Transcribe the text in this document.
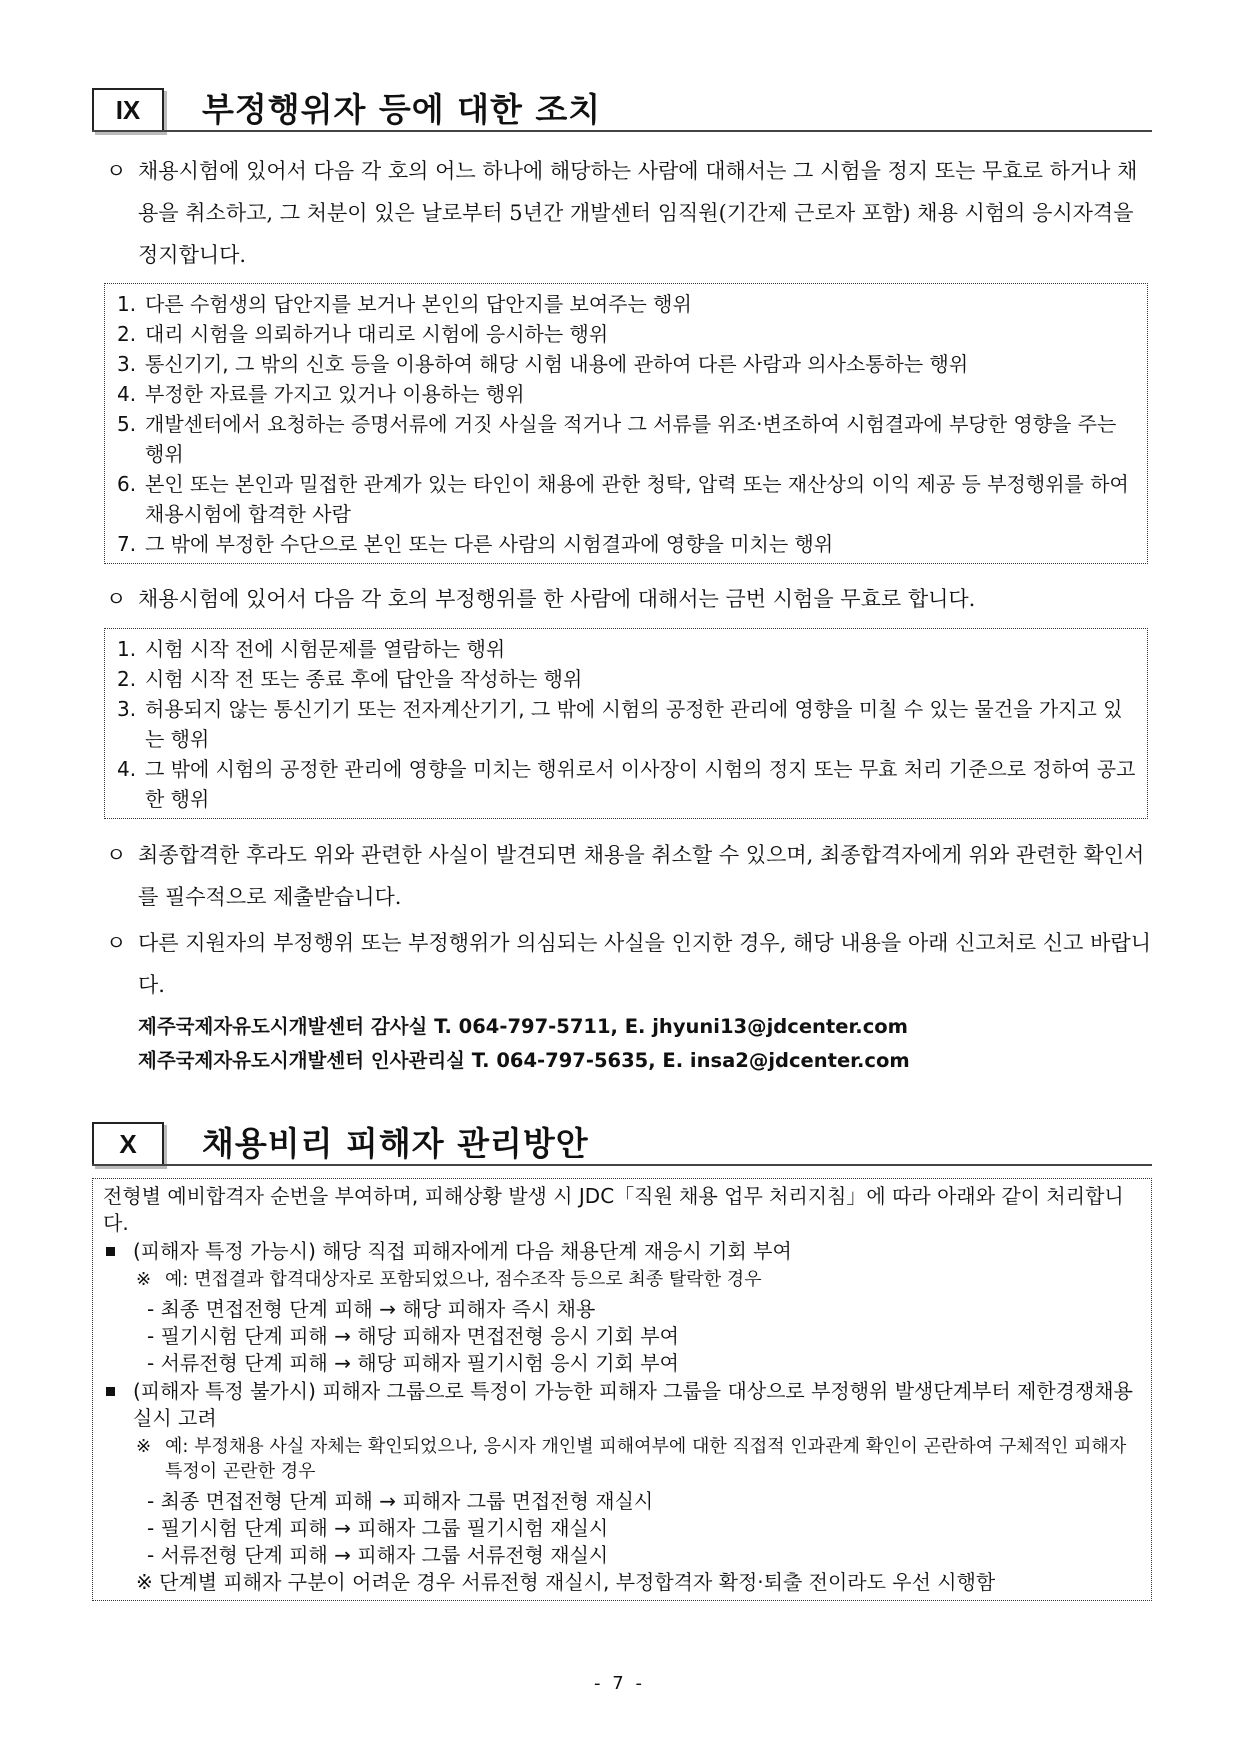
IX	부정행위자 등에 대한 조치
ㅇ 채용시험에 있어서 다음 각 호의 어느 하나에 해당하는 사람에 대해서는 그 시험을 정지 또는 무효로 하거나 채용을 취소하고, 그 처분이 있은 날로부터 5년간 개발센터 임직원(기간제 근로자 포함) 채용 시험의 응시자격을 정지합니다.
1. 다른 수험생의 답안지를 보거나 본인의 답안지를 보여주는 행위
2. 대리 시험을 의뢰하거나 대리로 시험에 응시하는 행위
3. 통신기기, 그 밖의 신호 등을 이용하여 해당 시험 내용에 관하여 다른 사람과 의사소통하는 행위
4. 부정한 자료를 가지고 있거나 이용하는 행위
5. 개발센터에서 요청하는 증명서류에 거짓 사실을 적거나 그 서류를 위조·변조하여 시험결과에 부당한 영향을 주는 행위
6. 본인 또는 본인과 밀접한 관계가 있는 타인이 채용에 관한 청탁, 압력 또는 재산상의 이익 제공 등 부정행위를 하여 채용시험에 합격한 사람
7. 그 밖에 부정한 수단으로 본인 또는 다른 사람의 시험결과에 영향을 미치는 행위
ㅇ 채용시험에 있어서 다음 각 호의 부정행위를 한 사람에 대해서는 금번 시험을 무효로 합니다.
1. 시험 시작 전에 시험문제를 열람하는 행위
2. 시험 시작 전 또는 종료 후에 답안을 작성하는 행위
3. 허용되지 않는 통신기기 또는 전자계산기기, 그 밖에 시험의 공정한 관리에 영향을 미칠 수 있는 물건을 가지고 있는 행위
4. 그 밖에 시험의 공정한 관리에 영향을 미치는 행위로서 이사장이 시험의 정지 또는 무효 처리 기준으로 정하여 공고한 행위
ㅇ 최종합격한 후라도 위와 관련한 사실이 발견되면 채용을 취소할 수 있으며, 최종합격자에게 위와 관련한 확인서를 필수적으로 제출받습니다.
ㅇ 다른 지원자의 부정행위 또는 부정행위가 의심되는 사실을 인지한 경우, 해당 내용을 아래 신고처로 신고 바랍니다.
제주국제자유도시개발센터 감사실 T. 064-797-5711, E. jhyuni13@jdcenter.com
제주국제자유도시개발센터 인사관리실 T. 064-797-5635, E. insa2@jdcenter.com
X	채용비리 피해자 관리방안
전형별 예비합격자 순번을 부여하며, 피해상황 발생 시 JDC「직원 채용 업무 처리지침」에 따라 아래와 같이 처리합니다.
(피해자 특정 가능시) 해당 직접 피해자에게 다음 채용단계 재응시 기회 부여
※ 예: 면접결과 합격대상자로 포함되었으나, 점수조작 등으로 최종 탈락한 경우
- 최종 면접전형 단계 피해 → 해당 피해자 즉시 채용
- 필기시험 단계 피해 → 해당 피해자 면접전형 응시 기회 부여
- 서류전형 단계 피해 → 해당 피해자 필기시험 응시 기회 부여
(피해자 특정 불가시) 피해자 그룹으로 특정이 가능한 피해자 그룹을 대상으로 부정행위 발생단계부터 제한경쟁채용 실시 고려
※ 예: 부정채용 사실 자체는 확인되었으나, 응시자 개인별 피해여부에 대한 직접적 인과관계 확인이 곤란하여 구체적인 피해자 특정이 곤란한 경우
- 최종 면접전형 단계 피해 → 피해자 그룹 면접전형 재실시
- 필기시험 단계 피해 → 피해자 그룹 필기시험 재실시
- 서류전형 단계 피해 → 피해자 그룹 서류전형 재실시
※ 단계별 피해자 구분이 어려운 경우 서류전형 재실시, 부정합격자 확정·퇴출 전이라도 우선 시행함
- 7 -
